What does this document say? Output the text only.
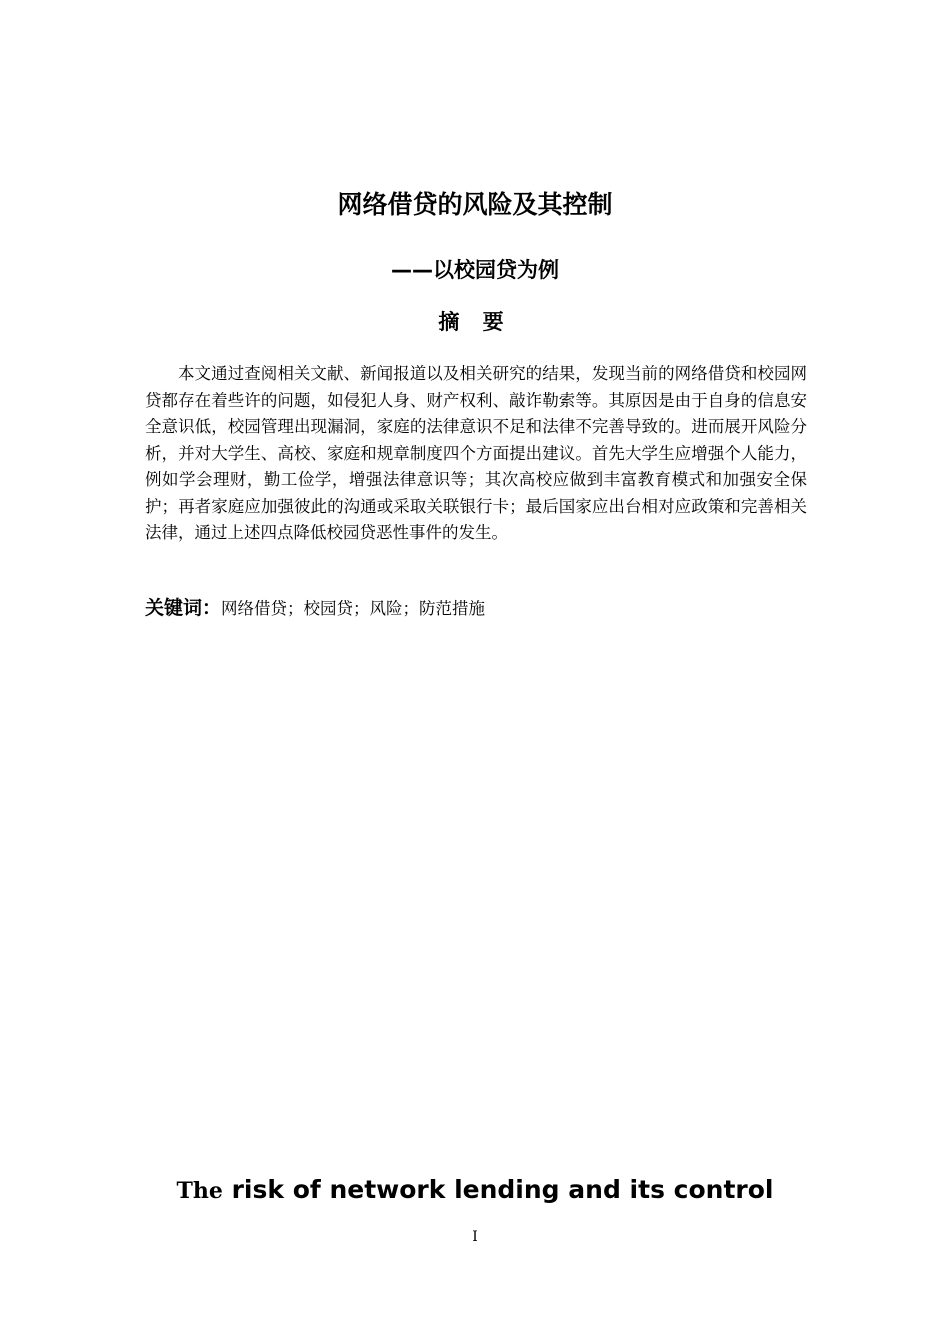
网络借贷的风险及其控制
——以校园贷为例
摘 要

本文通过查阅相关文献、新闻报道以及相关研究的结果，发现当前的网络借贷和校园网贷都存在着些许的问题，如侵犯人身、财产权利、敲诈勒索等。其原因是由于自身的信息安全意识低，校园管理出现漏洞，家庭的法律意识不足和法律不完善导致的。进而展开风险分析，并对大学生、高校、家庭和规章制度四个方面提出建议。首先大学生应增强个人能力，例如学会理财，勤工俭学，增强法律意识等；其次高校应做到丰富教育模式和加强安全保护；再者家庭应加强彼此的沟通或采取关联银行卡；最后国家应出台相对应政策和完善相关法律，通过上述四点降低校园贷恶性事件的发生。

关键词：网络借贷；校园贷；风险；防范措施

The risk of network lending and its control
I
